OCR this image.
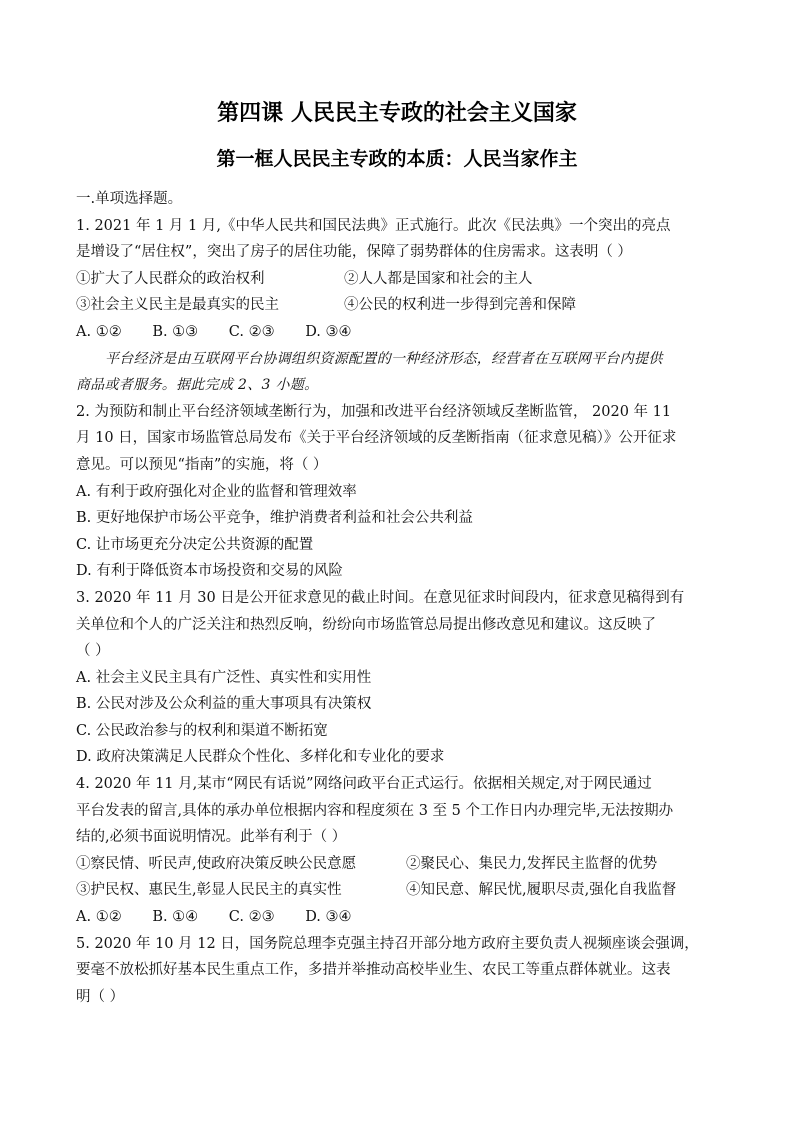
第四课 人民民主专政的社会主义国家
第一框人民民主专政的本质：人民当家作主
一.单项选择题。
1. 2021 年 1 月 1 月,《中华人民共和国民法典》正式施行。此次《民法典》一个突出的亮点
是增设了“居住权”，突出了房子的居住功能，保障了弱势群体的住房需求。这表明（ ）
①扩大了人民群众的政治权利	②人人都是国家和社会的主人
③社会主义民主是最真实的民主	④公民的权利进一步得到完善和保障
A. ①② B. ①③ C. ②③ D. ③④
平台经济是由互联网平台协调组织资源配置的一种经济形态，经营者在互联网平台内提供
商品或者服务。据此完成 2、3 小题。
2. 为预防和制止平台经济领域垄断行为，加强和改进平台经济领域反垄断监管， 2020 年 11
月 10 日，国家市场监管总局发布《关于平台经济领域的反垄断指南（征求意见稿）》公开征求
意见。可以预见“指南”的实施，将（ ）
A. 有利于政府强化对企业的监督和管理效率
B. 更好地保护市场公平竞争，维护消费者利益和社会公共利益
C. 让市场更充分决定公共资源的配置
D. 有利于降低资本市场投资和交易的风险
3. 2020 年 11 月 30 日是公开征求意见的截止时间。在意见征求时间段内，征求意见稿得到有
关单位和个人的广泛关注和热烈反响，纷纷向市场监管总局提出修改意见和建议。这反映了
（ ）
A. 社会主义民主具有广泛性、真实性和实用性
B. 公民对涉及公众利益的重大事项具有决策权
C. 公民政治参与的权利和渠道不断拓宽
D. 政府决策满足人民群众个性化、多样化和专业化的要求
4. 2020 年 11 月,某市“网民有话说”网络问政平台正式运行。依据相关规定,对于网民通过
平台发表的留言,具体的承办单位根据内容和程度须在 3 至 5 个工作日内办理完毕,无法按期办
结的,必须书面说明情况。此举有利于（ ）
①察民情、听民声,使政府决策反映公民意愿	②聚民心、集民力,发挥民主监督的优势
③护民权、惠民生,彰显人民民主的真实性	④知民意、解民忧,履职尽责,强化自我监督
A. ①② B. ①④ C. ②③ D. ③④
5. 2020 年 10 月 12 日，国务院总理李克强主持召开部分地方政府主要负责人视频座谈会强调，
要毫不放松抓好基本民生重点工作，多措并举推动高校毕业生、农民工等重点群体就业。这表
明（ ）
